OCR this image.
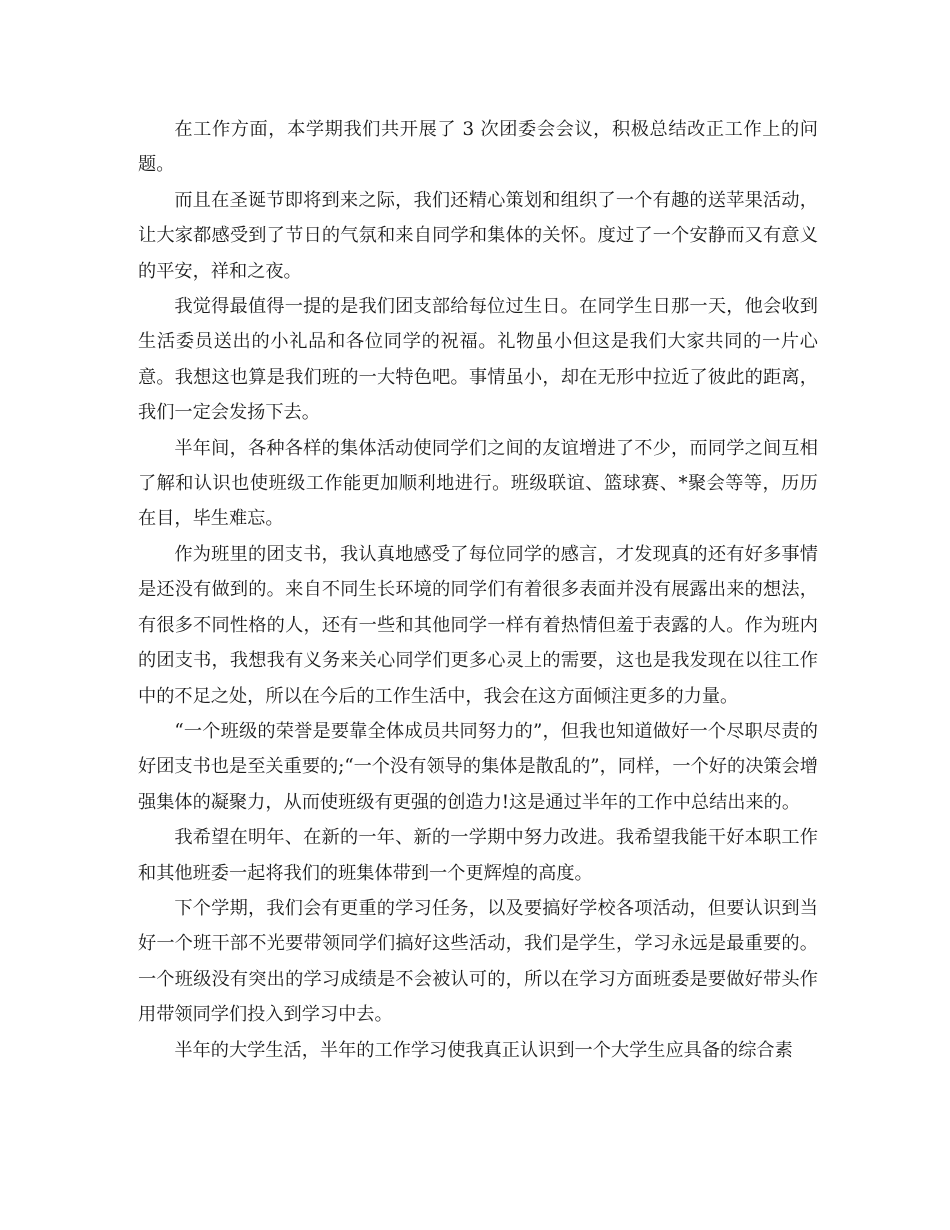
在工作方面，本学期我们共开展了 3 次团委会会议，积极总结改正工作上的问题。

而且在圣诞节即将到来之际，我们还精心策划和组织了一个有趣的送苹果活动，让大家都感受到了节日的气氛和来自同学和集体的关怀。度过了一个安静而又有意义的平安，祥和之夜。

我觉得最值得一提的是我们团支部给每位过生日。在同学生日那一天，他会收到生活委员送出的小礼品和各位同学的祝福。礼物虽小但这是我们大家共同的一片心意。我想这也算是我们班的一大特色吧。事情虽小，却在无形中拉近了彼此的距离，我们一定会发扬下去。

半年间，各种各样的集体活动使同学们之间的友谊增进了不少，而同学之间互相了解和认识也使班级工作能更加顺利地进行。班级联谊、篮球赛、*聚会等等，历历在目，毕生难忘。

作为班里的团支书，我认真地感受了每位同学的感言，才发现真的还有好多事情是还没有做到的。来自不同生长环境的同学们有着很多表面并没有展露出来的想法，有很多不同性格的人，还有一些和其他同学一样有着热情但羞于表露的人。作为班内的团支书，我想我有义务来关心同学们更多心灵上的需要，这也是我发现在以往工作中的不足之处，所以在今后的工作生活中，我会在这方面倾注更多的力量。

“一个班级的荣誉是要靠全体成员共同努力的”，但我也知道做好一个尽职尽责的好团支书也是至关重要的;“一个没有领导的集体是散乱的”，同样，一个好的决策会增强集体的凝聚力，从而使班级有更强的创造力!这是通过半年的工作中总结出来的。

我希望在明年、在新的一年、新的一学期中努力改进。我希望我能干好本职工作和其他班委一起将我们的班集体带到一个更辉煌的高度。

下个学期，我们会有更重的学习任务，以及要搞好学校各项活动，但要认识到当好一个班干部不光要带领同学们搞好这些活动，我们是学生，学习永远是最重要的。一个班级没有突出的学习成绩是不会被认可的，所以在学习方面班委是要做好带头作用带领同学们投入到学习中去。

半年的大学生活，半年的工作学习使我真正认识到一个大学生应具备的综合素
